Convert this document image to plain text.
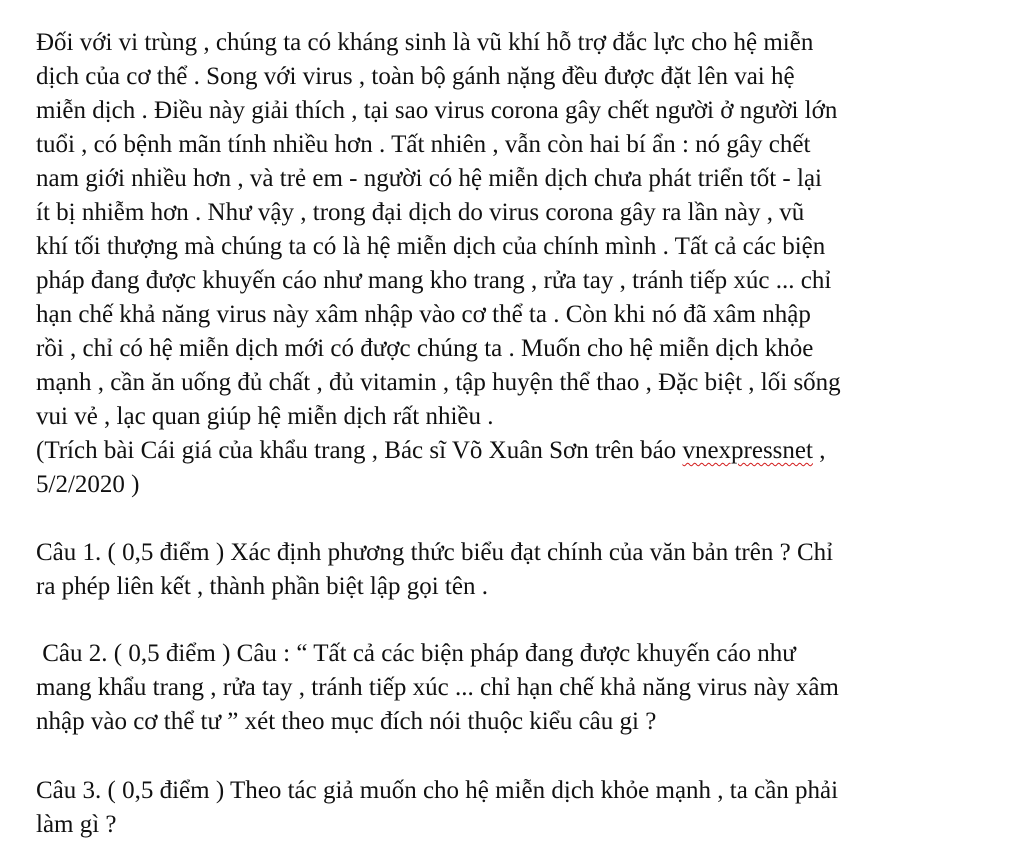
Đối với vi trùng , chúng ta có kháng sinh là vũ khí hỗ trợ đắc lực cho hệ miễn
dịch của cơ thể . Song với virus , toàn bộ gánh nặng đều được đặt lên vai hệ
miễn dịch . Điều này giải thích , tại sao virus corona gây chết người ở người lớn
tuổi , có bệnh mãn tính nhiều hơn . Tất nhiên , vẫn còn hai bí ẩn : nó gây chết
nam giới nhiều hơn , và trẻ em - người có hệ miễn dịch chưa phát triển tốt - lại
ít bị nhiễm hơn . Như vậy , trong đại dịch do virus corona gây ra lần này , vũ
khí tối thượng mà chúng ta có là hệ miễn dịch của chính mình . Tất cả các biện
pháp đang được khuyến cáo như mang kho trang , rửa tay , tránh tiếp xúc ... chỉ
hạn chế khả năng virus này xâm nhập vào cơ thể ta . Còn khi nó đã xâm nhập
rồi , chỉ có hệ miễn dịch mới có được chúng ta . Muốn cho hệ miễn dịch khỏe
mạnh , cần ăn uống đủ chất , đủ vitamin , tập huyện thể thao , Đặc biệt , lối sống
vui vẻ , lạc quan giúp hệ miễn dịch rất nhiều .
(Trích bài Cái giá của khẩu trang , Bác sĩ Võ Xuân Sơn trên báo vnexpressnet ,
5/2/2020 )
Câu 1. ( 0,5 điểm ) Xác định phương thức biểu đạt chính của văn bản trên ? Chỉ
ra phép liên kết , thành phần biệt lập gọi tên .
Câu 2. ( 0,5 điểm ) Câu : “ Tất cả các biện pháp đang được khuyến cáo như
mang khẩu trang , rửa tay , tránh tiếp xúc ... chỉ hạn chế khả năng virus này xâm
nhập vào cơ thể tư ” xét theo mục đích nói thuộc kiểu câu gi ?
Câu 3. ( 0,5 điểm ) Theo tác giả muốn cho hệ miễn dịch khỏe mạnh , ta cần phải
làm gì ?
